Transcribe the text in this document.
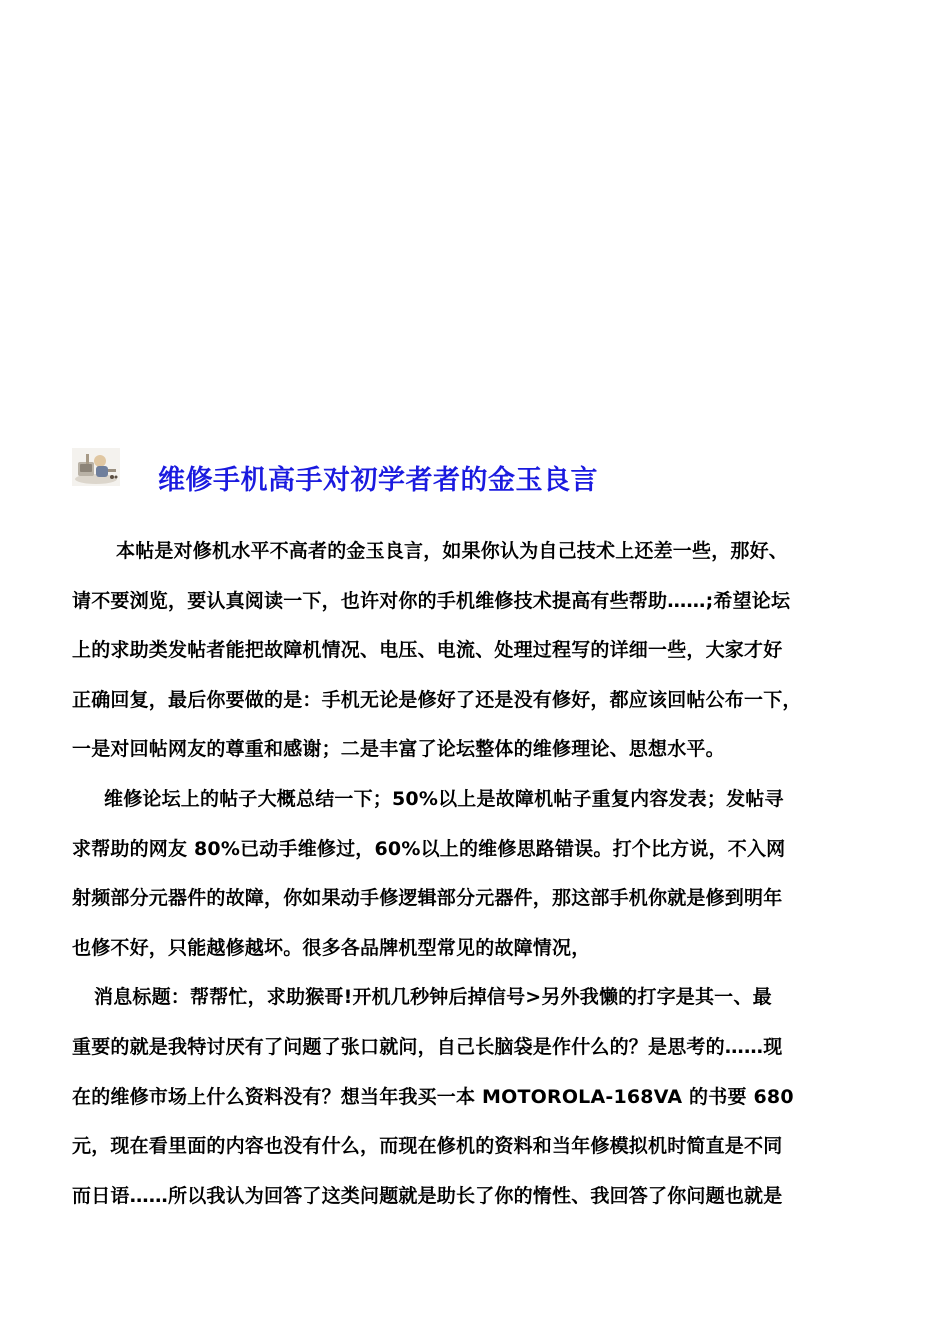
维修手机高手对初学者者的金玉良言
本帖是对修机水平不高者的金玉良言，如果你认为自己技术上还差一些，那好、
请不要浏览，要认真阅读一下，也许对你的手机维修技术提高有些帮助……;希望论坛
上的求助类发帖者能把故障机情况、电压、电流、处理过程写的详细一些，大家才好
正确回复，最后你要做的是：手机无论是修好了还是没有修好，都应该回帖公布一下，
一是对回帖网友的尊重和感谢；二是丰富了论坛整体的维修理论、思想水平。
维修论坛上的帖子大概总结一下；50%以上是故障机帖子重复内容发表；发帖寻
求帮助的网友 80%已动手维修过，60%以上的维修思路错误。打个比方说，不入网
射频部分元器件的故障，你如果动手修逻辑部分元器件，那这部手机你就是修到明年
也修不好，只能越修越坏。很多各品牌机型常见的故障情况，
消息标题：帮帮忙，求助猴哥!开机几秒钟后掉信号>另外我懒的打字是其一、最
重要的就是我特讨厌有了问题了张口就问，自己长脑袋是作什么的？是思考的……现
在的维修市场上什么资料没有？想当年我买一本 MOTOROLA-168VA 的书要 680
元，现在看里面的内容也没有什么，而现在修机的资料和当年修模拟机时简直是不同
而日语……所以我认为回答了这类问题就是助长了你的惰性、我回答了你问题也就是
